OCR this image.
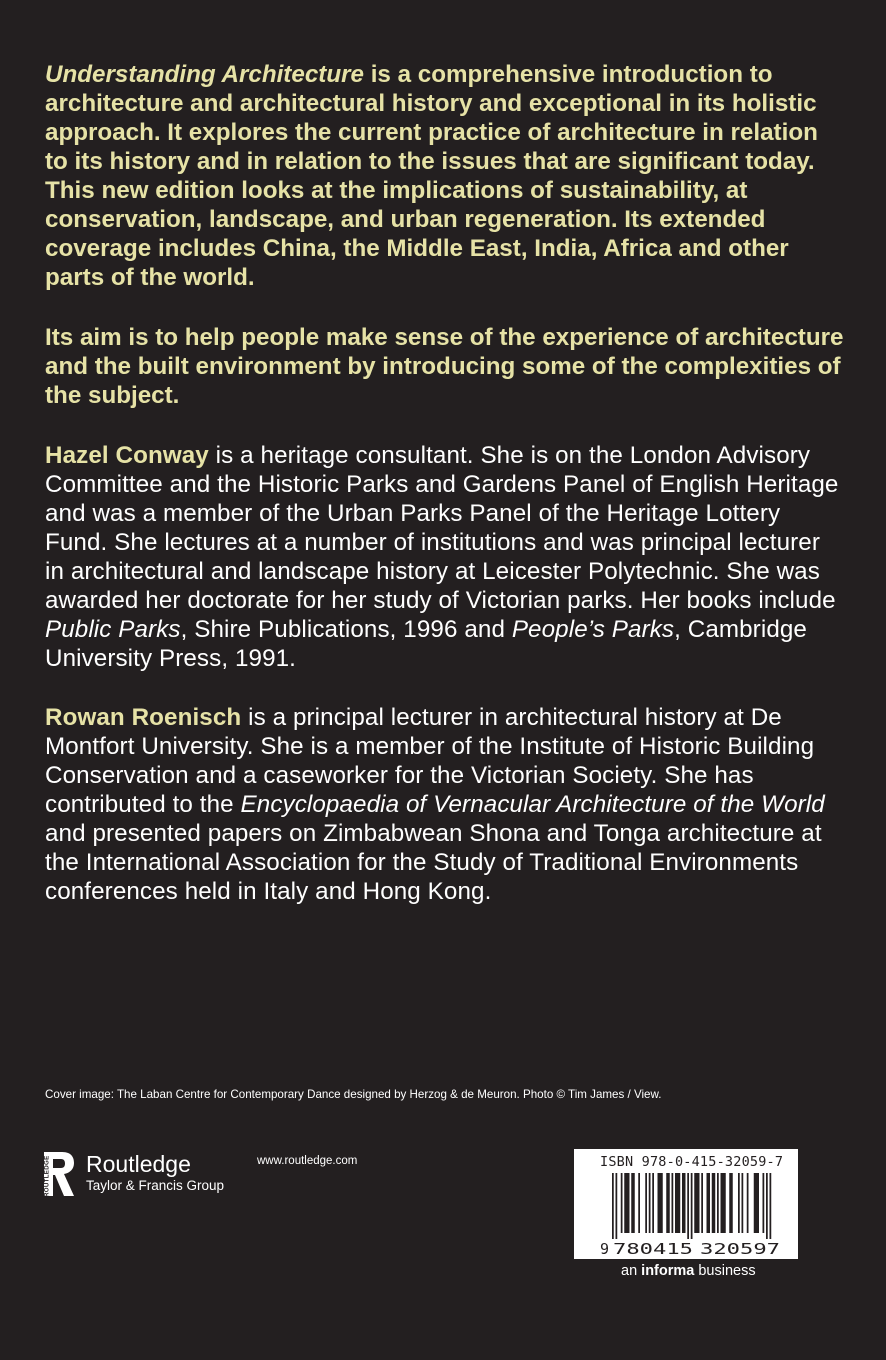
Understanding Architecture is a comprehensive introduction to architecture and architectural history and exceptional in its holistic approach. It explores the current practice of architecture in relation to its history and in relation to the issues that are significant today. This new edition looks at the implications of sustainability, at conservation, landscape, and urban regeneration. Its extended coverage includes China, the Middle East, India, Africa and other parts of the world.

Its aim is to help people make sense of the experience of architecture and the built environment by introducing some of the complexities of the subject.

Hazel Conway is a heritage consultant. She is on the London Advisory Committee and the Historic Parks and Gardens Panel of English Heritage and was a member of the Urban Parks Panel of the Heritage Lottery Fund. She lectures at a number of institutions and was principal lecturer in architectural and landscape history at Leicester Polytechnic. She was awarded her doctorate for her study of Victorian parks. Her books include Public Parks, Shire Publications, 1996 and People’s Parks, Cambridge University Press, 1991.

Rowan Roenisch is a principal lecturer in architectural history at De Montfort University. She is a member of the Institute of Historic Building Conservation and a caseworker for the Victorian Society. She has contributed to the Encyclopaedia of Vernacular Architecture of the World and presented papers on Zimbabwean Shona and Tonga architecture at the International Association for the Study of Traditional Environments conferences held in Italy and Hong Kong.

Cover image: The Laban Centre for Contemporary Dance designed by Herzog & de Meuron. Photo © Tim James / View.
ROUTLEDGE Routledge
Taylor & Francis Group
www.routledge.com
9 780415 320597
ISBN 978-0-415-32059-7
an informa business
